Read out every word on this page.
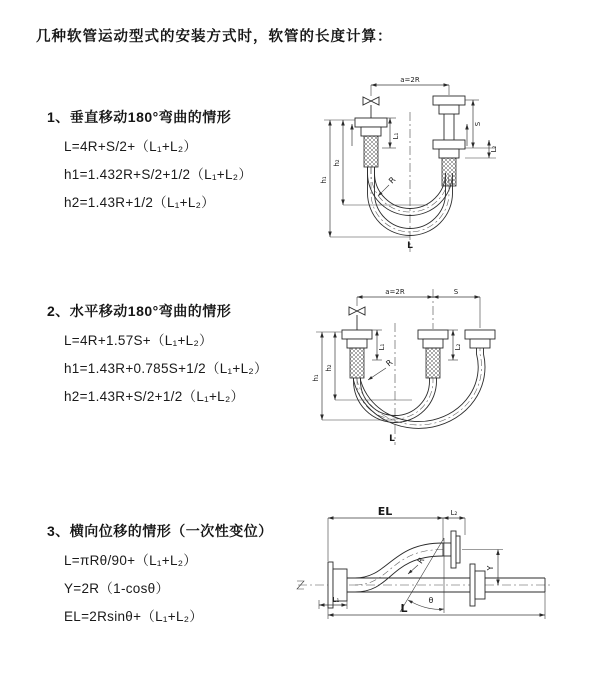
几种软管运动型式的安装方式时，软管的长度计算：
1、垂直移动180°弯曲的情形
L=4R+S/2+（L₁+L₂）
h1=1.432R+S/2+1/2（L₁+L₂）
h2=1.43R+1/2（L₁+L₂）
2、水平移动180°弯曲的情形
L=4R+1.57S+（L₁+L₂）
h1=1.43R+0.785S+1/2（L₁+L₂）
h2=1.43R+S/2+1/2（L₁+L₂）
3、横向位移的情形（一次性变位）
L=πRθ/90+（L₁+L₂）
Y=2R（1-cosθ）
EL=2Rsinθ+（L₁+L₂）
a=2R
L₁
S
L₂
h₁
h₂
R
L
a=2R	S
L₁	L₂
h₁
h₂	R
L
θ
R
EL	L₂
Y
L₁
L
